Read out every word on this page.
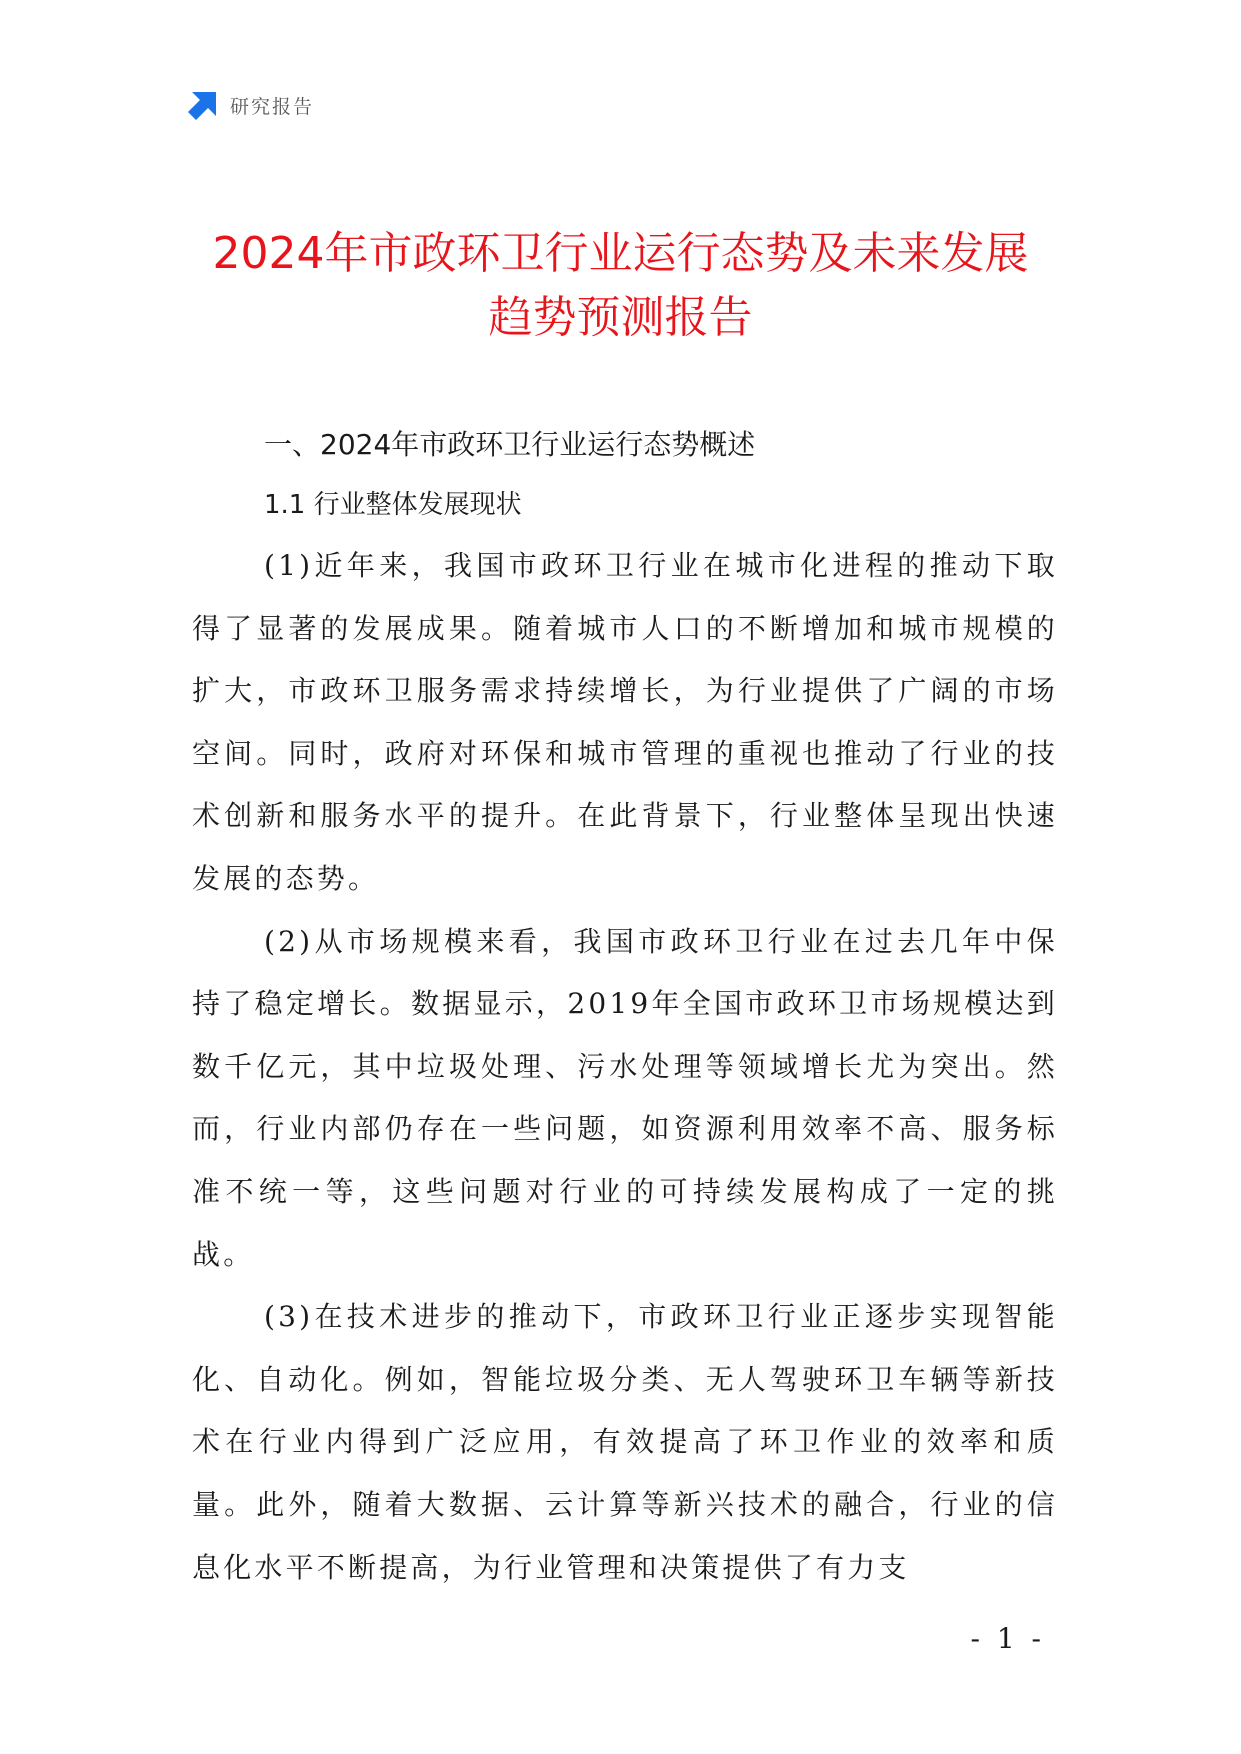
研究报告
2024年市政环卫行业运行态势及未来发展
趋势预测报告
一、2024年市政环卫行业运行态势概述
1.1 行业整体发展现状

(1)近年来，我国市政环卫行业在城市化进程的推动下取得了显著的发展成果。随着城市人口的不断增加和城市规模的扩大，市政环卫服务需求持续增长，为行业提供了广阔的市场空间。同时，政府对环保和城市管理的重视也推动了行业的技术创新和服务水平的提升。在此背景下，行业整体呈现出快速发展的态势。

(2)从市场规模来看，我国市政环卫行业在过去几年中保持了稳定增长。数据显示，2019年全国市政环卫市场规模达到数千亿元，其中垃圾处理、污水处理等领域增长尤为突出。然而，行业内部仍存在一些问题，如资源利用效率不高、服务标准不统一等，这些问题对行业的可持续发展构成了一定的挑战。

(3)在技术进步的推动下，市政环卫行业正逐步实现智能化、自动化。例如，智能垃圾分类、无人驾驶环卫车辆等新技术在行业内得到广泛应用，有效提高了环卫作业的效率和质量。此外，随着大数据、云计算等新兴技术的融合，行业的信息化水平不断提高，为行业管理和决策提供了有力支

- 1 -
